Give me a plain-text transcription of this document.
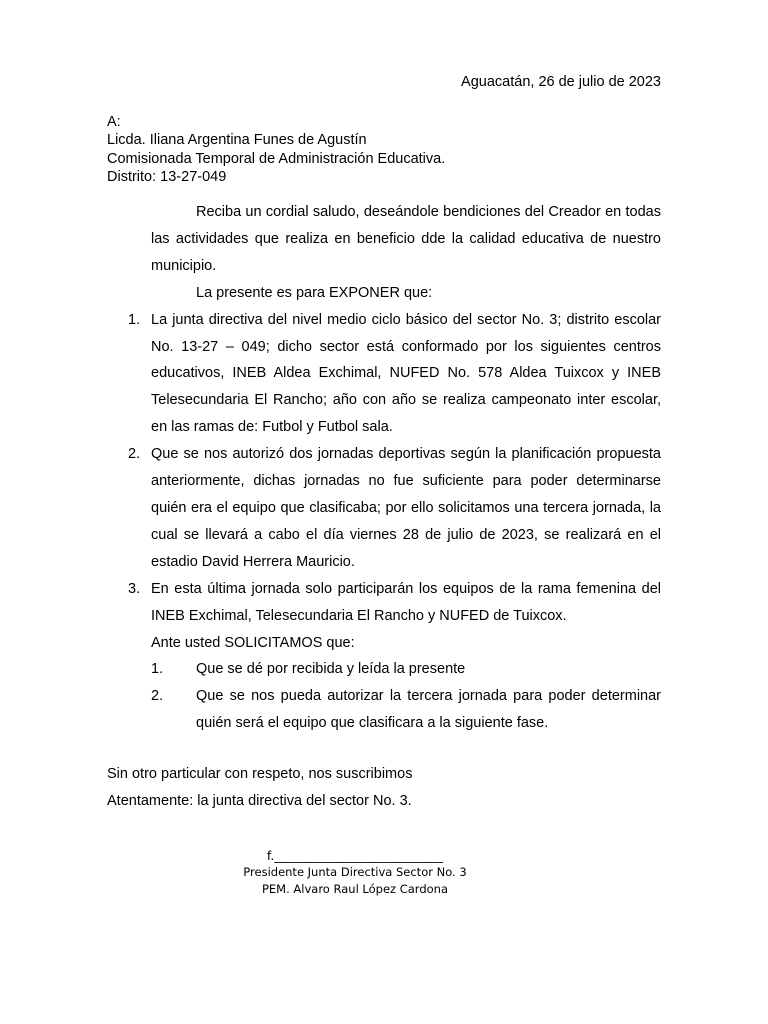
Aguacatán, 26 de julio de 2023
A:
Licda. Iliana Argentina Funes de Agustín
Comisionada Temporal de Administración Educativa.
Distrito: 13-27-049

Reciba un cordial saludo, deseándole bendiciones del Creador en todas las actividades que realiza en beneficio dde la calidad educativa de nuestro municipio.

La presente es para EXPONER que:

1. La junta directiva del nivel medio ciclo básico del sector No. 3; distrito escolar No. 13-27 – 049; dicho sector está conformado por los siguientes centros educativos, INEB Aldea Exchimal, NUFED No. 578 Aldea Tuixcox y INEB Telesecundaria El Rancho; año con año se realiza campeonato inter escolar, en las ramas de: Futbol y Futbol sala.
2. Que se nos autorizó dos jornadas deportivas según la planificación propuesta anteriormente, dichas jornadas no fue suficiente para poder determinarse quién era el equipo que clasificaba; por ello solicitamos una tercera jornada, la cual se llevará a cabo el día viernes 28 de julio de 2023, se realizará en el estadio David Herrera Mauricio.
3. En esta última jornada solo participarán los equipos de la rama femenina del INEB Exchimal, Telesecundaria El Rancho y NUFED de Tuixcox.

Ante usted SOLICITAMOS que:

1. Que se dé por recibida y leída la presente
2. Que se nos pueda autorizar la tercera jornada para poder determinar quién será el equipo que clasificara a la siguiente fase.
Sin otro particular con respeto, nos suscribimos
Atentamente: la junta directiva del sector No. 3.
f.___________________________
Presidente Junta Directiva Sector No. 3
PEM. Alvaro Raul López Cardona
